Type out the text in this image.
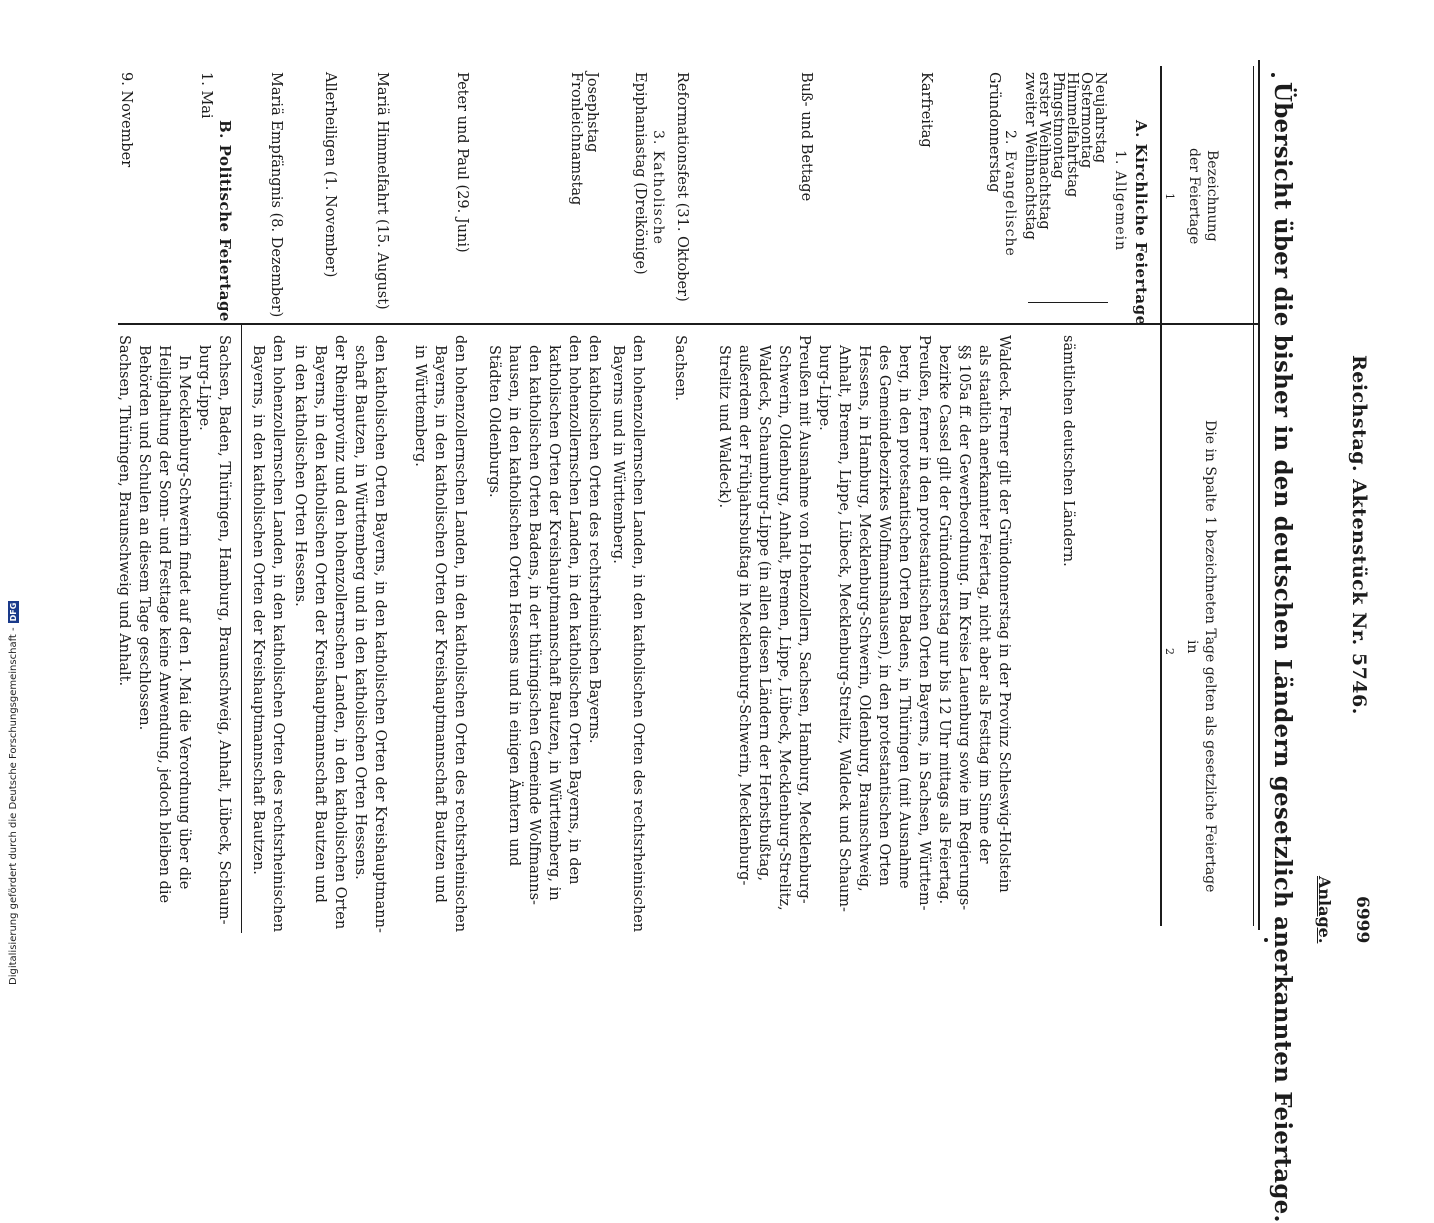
6999
Reichstag. Aktenstück Nr. 5746.
Anlage.
Übersicht über die bisher in den deutschen Ländern gesetzlich anerkannten Feiertage.
Bezeichnung
der Feiertage
1
Die in Spalte 1 bezeichneten Tage gelten als gesetzliche Feiertage
in
2
A. Kirchliche Feiertage
1. Allgemein
Neujahrstag
Ostermontag
Himmelfahrtstag
Pfingstmontag
erster Weihnachtstag
zweiter Weihnachtstag
sämtlichen deutschen Ländern.
2. Evangelische
Gründonnerstag
Waldeck. Ferner gilt der Gründonnerstag in der Provinz Schleswig-Holstein
als staatlich anerkannter Feiertag, nicht aber als Festtag im Sinne der
§§ 105a ff. der Gewerbeordnung. Im Kreise Lauenburg sowie im Regierungs-
bezirke Cassel gilt der Gründonnerstag nur bis 12 Uhr mittags als Feiertag.
Karfreitag
Preußen, ferner in den protestantischen Orten Bayerns, in Sachsen, Württem-
berg, in den protestantischen Orten Badens, in Thüringen (mit Ausnahme
des Gemeindebezirkes Wolfmannshausen), in den protestantischen Orten
Hessens, in Hamburg, Mecklenburg-Schwerin, Oldenburg, Braunschweig,
Anhalt, Bremen, Lippe, Lübeck, Mecklenburg-Strelitz, Waldeck und Schaum-
burg-Lippe.
Buß- und Bettage
Preußen mit Ausnahme von Hohenzollern, Sachsen, Hamburg, Mecklenburg-
Schwerin, Oldenburg, Anhalt, Bremen, Lippe, Lübeck, Mecklenburg-Strelitz,
Waldeck, Schaumburg-Lippe (in allen diesen Ländern der Herbstbußtag,
außerdem der Frühjahrsbußtag in Mecklenburg-Schwerin, Mecklenburg-
Strelitz und Waldeck).
Reformationsfest (31. Oktober)
Sachsen.
3. Katholische
Epiphaniastag (Dreikönige)
den hohenzollernschen Landen, in den katholischen Orten des rechtsrheinischen
Bayerns und in Württemberg.
Josephstag
Fronleichnamstag
den katholischen Orten des rechtsrheinischen Bayerns.
den hohenzollernschen Landen, in den katholischen Orten Bayerns, in den
katholischen Orten der Kreishauptmannschaft Bautzen, in Württemberg, in
den katholischen Orten Badens, in der thüringischen Gemeinde Wolfmanns-
hausen, in den katholischen Orten Hessens und in einigen Ämtern und
Städten Oldenburgs.
Peter und Paul (29. Juni)
den hohenzollernschen Landen, in den katholischen Orten des rechtsrheinischen
Bayerns, in den katholischen Orten der Kreishauptmannschaft Bautzen und
in Württemberg.
Mariä Himmelfahrt (15. August)
den katholischen Orten Bayerns, in den katholischen Orten der Kreishauptmann-
schaft Bautzen, in Württemberg und in den katholischen Orten Hessens.
Allerheiligen (1. November)
der Rheinprovinz und den hohenzollernschen Landen, in den katholischen Orten
Bayerns, in den katholischen Orten der Kreishauptmannschaft Bautzen und
in den katholischen Orten Hessens.
Mariä Empfängnis (8. Dezember)
den hohenzollernschen Landen, in den katholischen Orten des rechtsrheinischen
Bayerns, in den katholischen Orten der Kreishauptmannschaft Bautzen.
B. Politische Feiertage
1. Mai
Sachsen, Baden, Thüringen, Hamburg, Braunschweig, Anhalt, Lübeck, Schaum-
burg-Lippe.
In Mecklenburg-Schwerin findet auf den 1. Mai die Verordnung über die
Heilighaltung der Sonn- und Festtage keine Anwendung, jedoch bleiben die
Behörden und Schulen an diesem Tage geschlossen.
9. November
Sachsen, Thüringen, Braunschweig und Anhalt.
Digitalisierung gefördert durch die Deutsche Forschungsgemeinschaft -
DFG
